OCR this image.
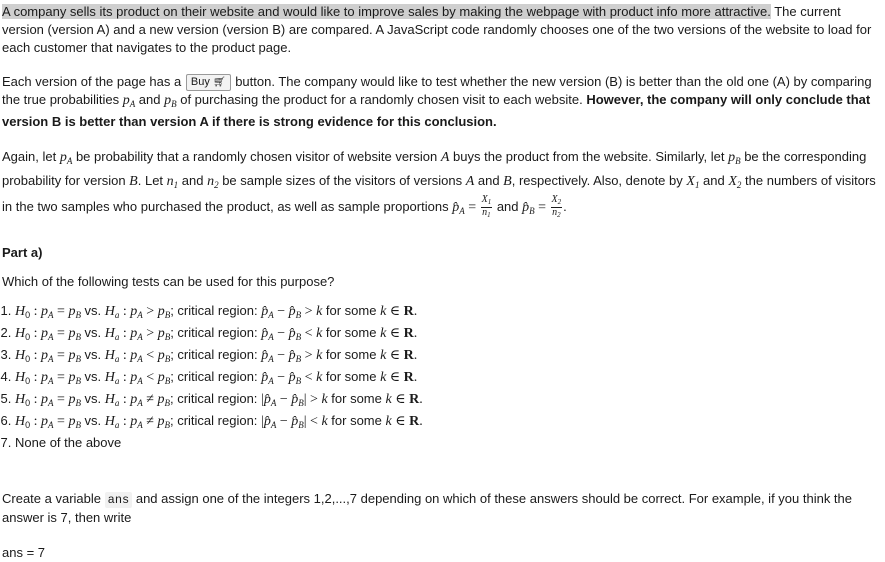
A company sells its product on their website and would like to improve sales by making the webpage with product info more attractive. The current version (version A) and a new version (version B) are compared. A JavaScript code randomly chooses one of the two versions of the website to load for each customer that navigates to the product page.

Each version of the page has a Buy 🛒︎ button. The company would like to test whether the new version (B) is better than the old one (A) by comparing the true probabilities $p_A$ and $p_B$ of purchasing the product for a randomly chosen visit to each website. However, the company will only conclude that version B is better than version A if there is strong evidence for this conclusion.

Again, let $p_A$ be probability that a randomly chosen visitor of website version A buys the product from the website. Similarly, let $p_B$ be the corresponding probability for version B. Let $n_1$ and $n_2$ be sample sizes of the visitors of versions A and B, respectively. Also, denote by $X_1$ and $X_2$ the numbers of visitors in the two samples who purchased the product, as well as sample proportions $p̂_A = \frac{X_1}{n_1}$ and $p̂_B = \frac{X_2}{n_2}$ .

Part a)

Which of the following tests can be used for this purpose?

1. $H_0$ : $p_A = p_B$ vs. $H_a$ : $p_A > p_B$; critical region: $p̂_A$ − $p̂_B > k$ for some k ∈ R.
2. $H_0$ : $p_A = p_B$ vs. $H_a$ : $p_A > p_B$; critical region: $p̂_A$ − $p̂_B < k$ for some k ∈ R.
3. $H_0$ : $p_A = p_B$ vs. $H_a$ : $p_A < p_B$; critical region: $p̂_A$ − $p̂_B > k$ for some k ∈ R.
4. $H_0$ : $p_A = p_B$ vs. $H_a$ : $p_A < p_B$; critical region: $p̂_A$ − $p̂_B < k$ for some k ∈ R.
5. $H_0$ : $p_A = p_B$ vs. $H_a$ : $p_A \ne p_B$; critical region: $|p̂_A$ − $p̂_B| > k$ for some k ∈ R.
6. $H_0$ : $p_A = p_B$ vs. $H_a$ : $p_A \ne p_B$; critical region: $|p̂_A$ − $p̂_B| < k$ for some k ∈ R.
7. None of the above

Create a variable ans and assign one of the integers 1,2,...,7 depending on which of these answers should be correct. For example, if you think the answer is 7, then write

ans = 7
